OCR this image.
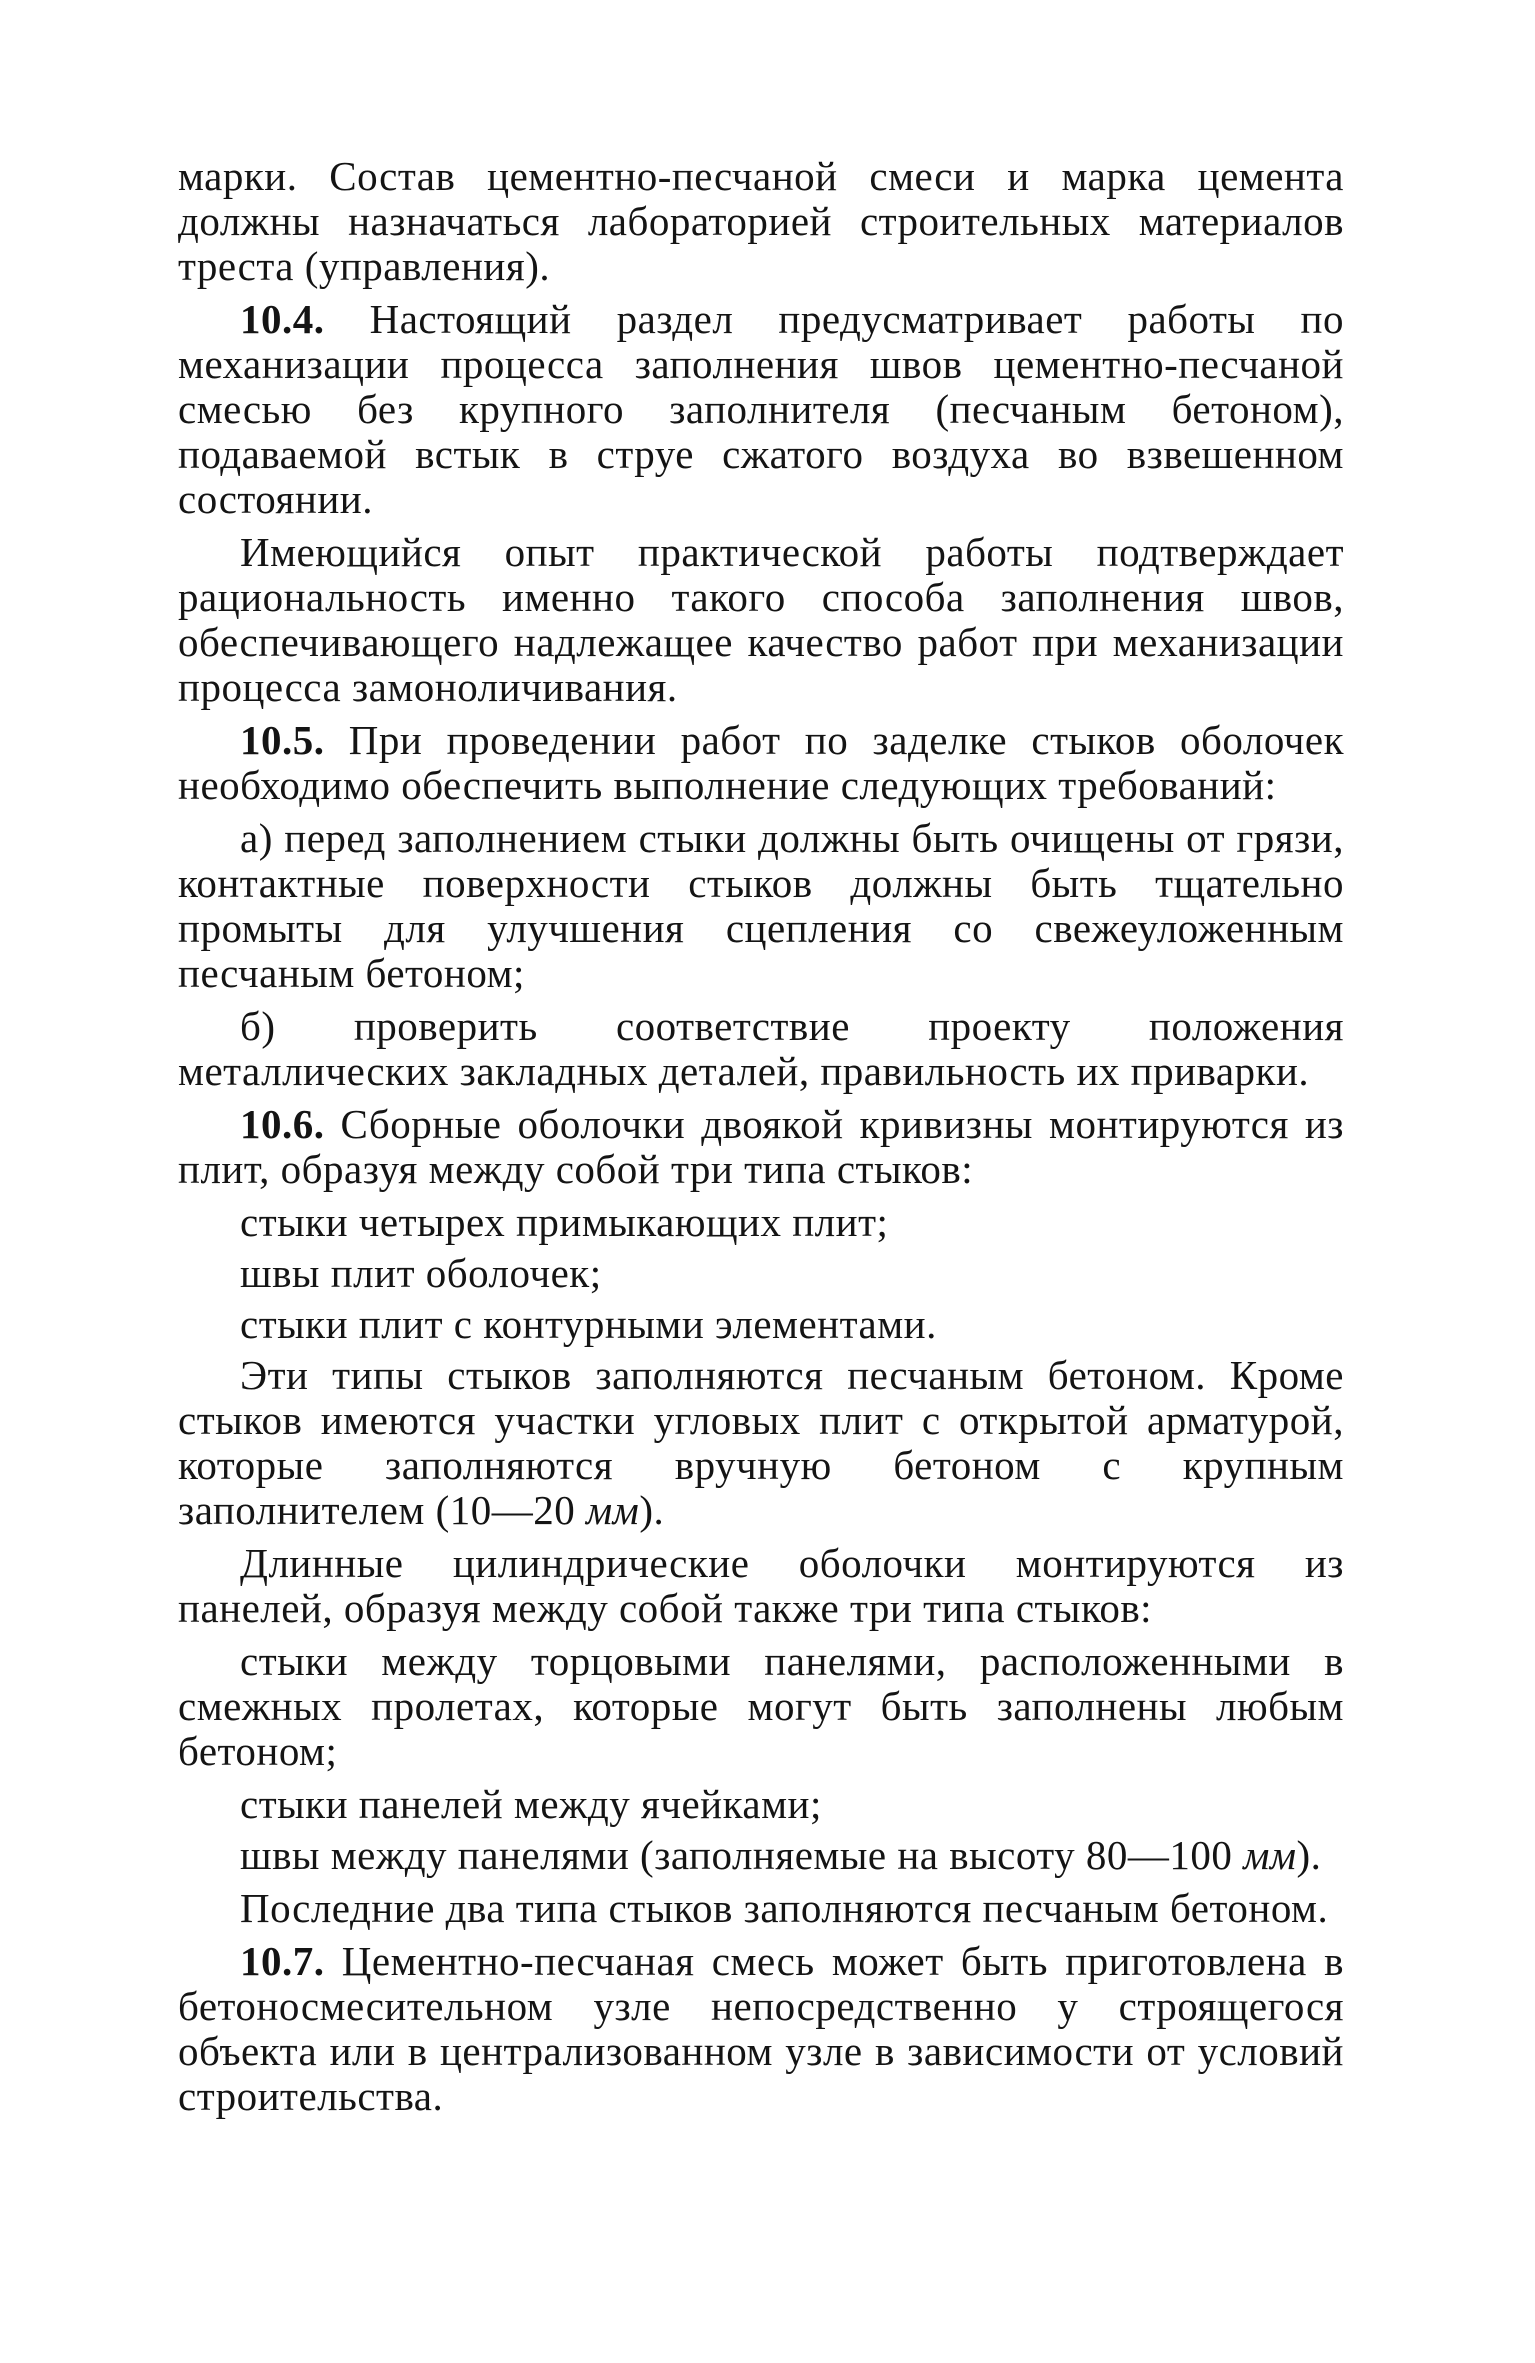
марки. Состав цементно-песчаной смеси и марка цемента должны назначаться лабораторией строительных материалов треста (управления).

10.4. Настоящий раздел предусматривает работы по механизации процесса заполнения швов цементно-песчаной смесью без крупного заполнителя (песчаным бетоном), подаваемой встык в струе сжатого воздуха во взвешенном состоянии.

Имеющийся опыт практической работы подтверждает рациональность именно такого способа заполнения швов, обеспечивающего надлежащее качество работ при механизации процесса замоноличивания.

10.5. При проведении работ по заделке стыков оболочек необходимо обеспечить выполнение следующих требований:

а) перед заполнением стыки должны быть очищены от грязи, контактные поверхности стыков должны быть тщательно промыты для улучшения сцепления со свежеуложенным песчаным бетоном;

б) проверить соответствие проекту положения металлических закладных деталей, правильность их приварки.

10.6. Сборные оболочки двоякой кривизны монтируются из плит, образуя между собой три типа стыков:

стыки четырех примыкающих плит;

швы плит оболочек;

стыки плит с контурными элементами.

Эти типы стыков заполняются песчаным бетоном. Кроме стыков имеются участки угловых плит с открытой арматурой, которые заполняются вручную бетоном с крупным заполнителем (10—20 мм).

Длинные цилиндрические оболочки монтируются из панелей, образуя между собой также три типа стыков:

стыки между торцовыми панелями, расположенными в смежных пролетах, которые могут быть заполнены любым бетоном;

стыки панелей между ячейками;

швы между панелями (заполняемые на высоту 80—100 мм).

Последние два типа стыков заполняются песчаным бетоном.

10.7. Цементно-песчаная смесь может быть приготовлена в бетоносмесительном узле непосредственно у строящегося объекта или в централизованном узле в зависимости от условий строительства.
